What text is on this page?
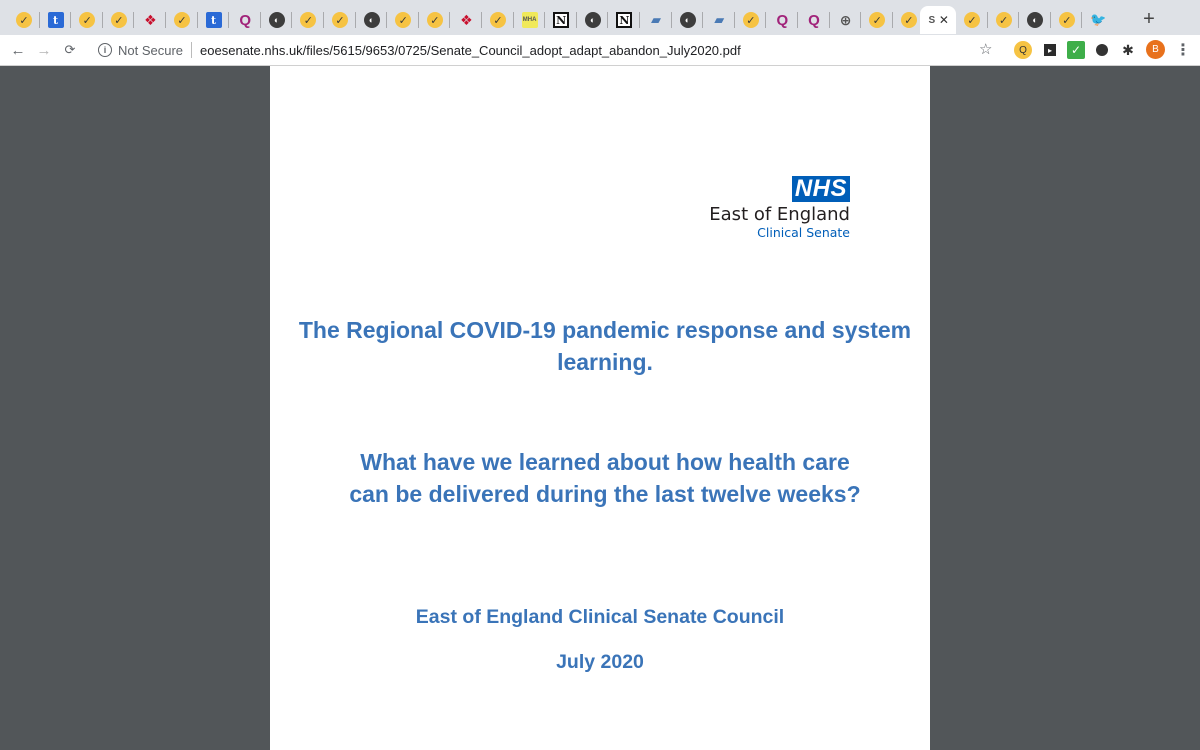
✓	t	✓	✓ ❖	✓	t	Q	◐	✓	✓	◐	✓	✓ ❖	✓	MHA N	◐	N ▰	◐	▰	✓ Q Q ⊕	✓	✓	S ✕	✓	✓	◐	✓ 🐦 +
← → ⟳	i Not Secure eoesenate.nhs.uk/files/5615/9653/0725/Senate_Council_adopt_adapt_abandon_July2020.pdf	☆	Q	▸	✓	✱	B	⋮
NHS
East of England
Clinical Senate
The Regional COVID-19 pandemic response and system learning.
What have we learned about how health care can be delivered during the last twelve weeks?
East of England Clinical Senate Council
July 2020
